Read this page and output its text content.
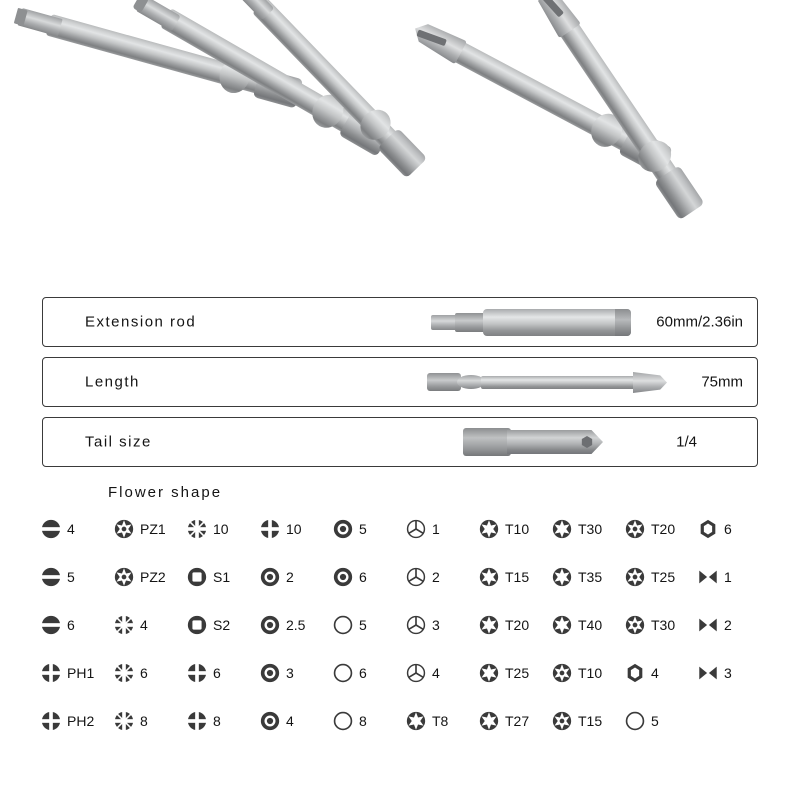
Extension rod	60mm/2.36in
Length	75mm
Tail size	1/4
Flower shape
4	PZ1	10	10	5	1	T10	T30	T20	6
5	PZ2	S1	2	6	2	T15	T35	T25	1
6	4	S2	2.5	5	3	T20	T40	T30	2
PH1	6	6	3	6	4	T25	T10	4	3
PH2	8	8	4	8	T8	T27	T15	5
